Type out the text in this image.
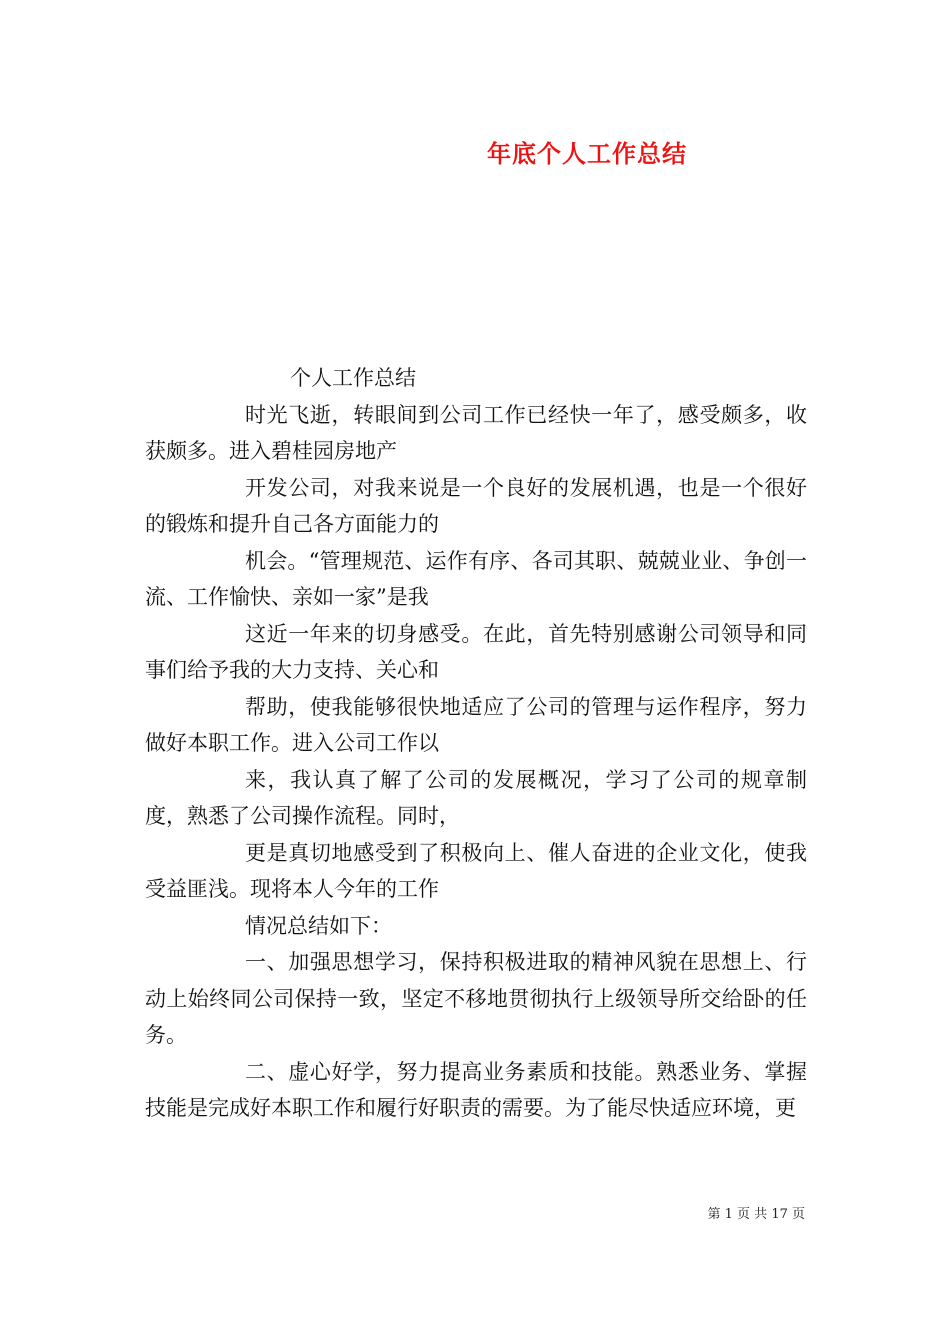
年底个人工作总结

个人工作总结

时光飞逝，转眼间到公司工作已经快一年了，感受颇多，收获颇多。进入碧桂园房地产

开发公司，对我来说是一个良好的发展机遇，也是一个很好的锻炼和提升自己各方面能力的

机会。“管理规范、运作有序、各司其职、兢兢业业、争创一流、工作愉快、亲如一家”是我

这近一年来的切身感受。在此，首先特别感谢公司领导和同事们给予我的大力支持、关心和

帮助，使我能够很快地适应了公司的管理与运作程序，努力做好本职工作。进入公司工作以

来，我认真了解了公司的发展概况，学习了公司的规章制度，熟悉了公司操作流程。同时，

更是真切地感受到了积极向上、催人奋进的企业文化，使我受益匪浅。现将本人今年的工作

情况总结如下：

一、加强思想学习，保持积极进取的精神风貌在思想上、行动上始终同公司保持一致，坚定不移地贯彻执行上级领导所交给卧的任务。

二、虚心好学，努力提高业务素质和技能。熟悉业务、掌握技能是完成好本职工作和履行好职责的需要。为了能尽快适应环境，更

第 1 页 共 17 页
